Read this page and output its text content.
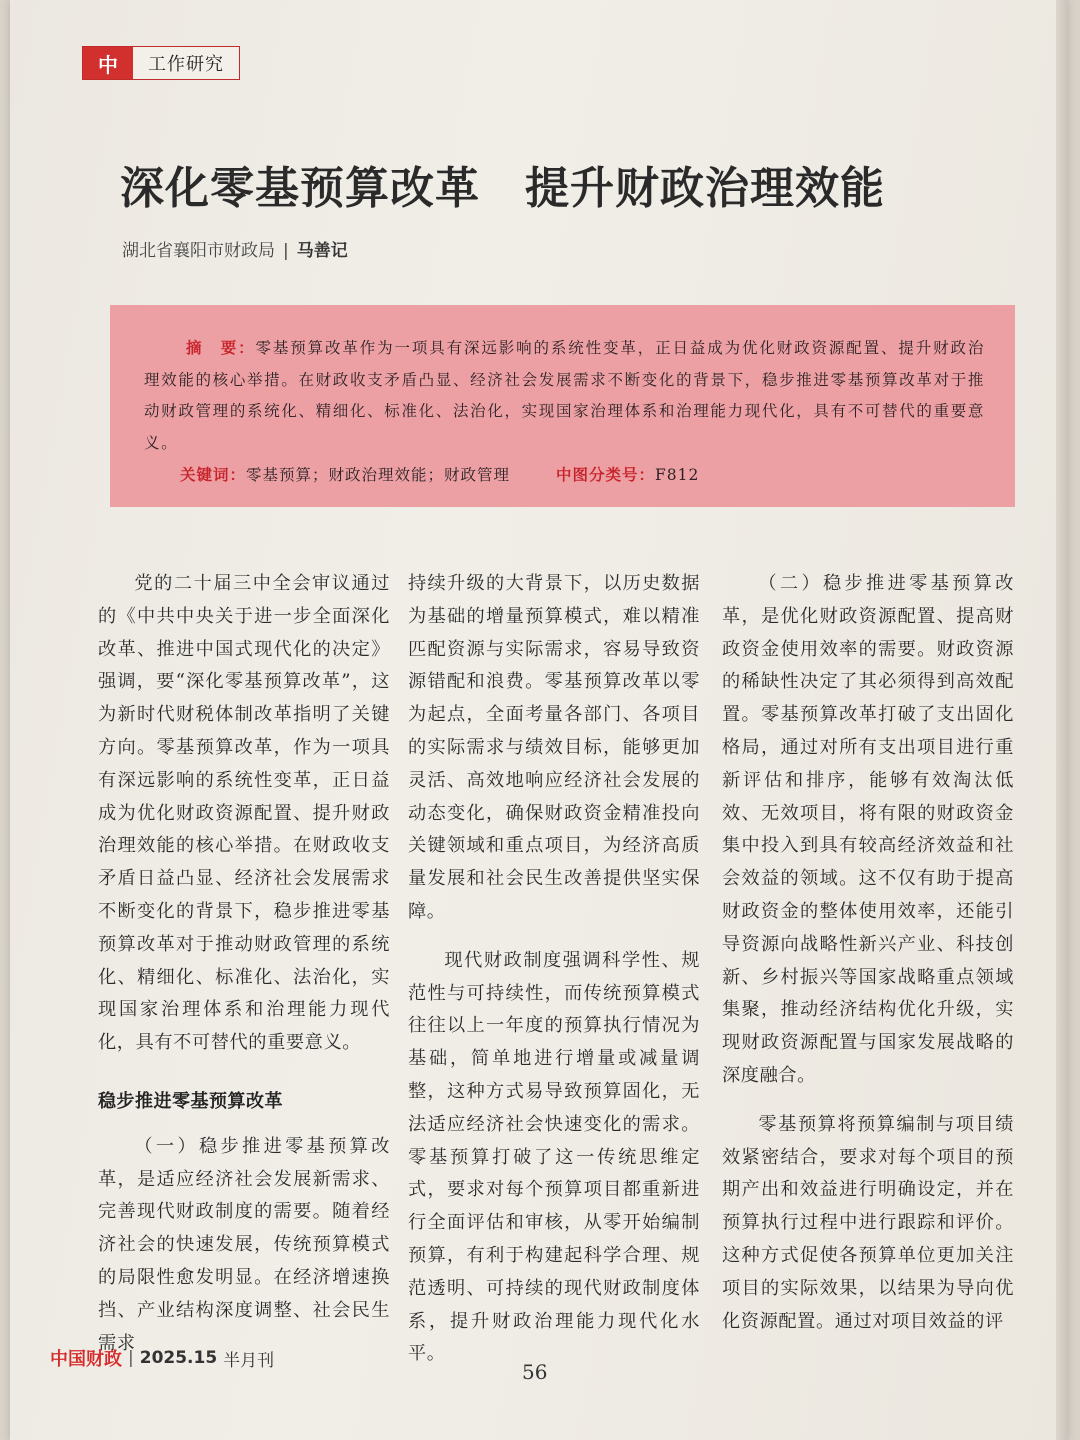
中	工作研究
深化零基预算改革　提升财政治理效能
湖北省襄阳市财政局 | 马善记
摘　要：零基预算改革作为一项具有深远影响的系统性变革，正日益成为优化财政资源配置、提升财政治理效能的核心举措。在财政收支矛盾凸显、经济社会发展需求不断变化的背景下，稳步推进零基预算改革对于推动财政管理的系统化、精细化、标准化、法治化，实现国家治理体系和治理能力现代化，具有不可替代的重要意义。
关键词：零基预算；财政治理效能；财政管理	中图分类号：F812

党的二十届三中全会审议通过的《中共中央关于进一步全面深化改革、推进中国式现代化的决定》强调，要“深化零基预算改革”，这为新时代财税体制改革指明了关键方向。零基预算改革，作为一项具有深远影响的系统性变革，正日益成为优化财政资源配置、提升财政治理效能的核心举措。在财政收支矛盾日益凸显、经济社会发展需求不断变化的背景下，稳步推进零基预算改革对于推动财政管理的系统化、精细化、标准化、法治化，实现国家治理体系和治理能力现代化，具有不可替代的重要意义。

稳步推进零基预算改革

（一）稳步推进零基预算改革，是适应经济社会发展新需求、完善现代财政制度的需要。随着经济社会的快速发展，传统预算模式的局限性愈发明显。在经济增速换挡、产业结构深度调整、社会民生需求

持续升级的大背景下，以历史数据为基础的增量预算模式，难以精准匹配资源与实际需求，容易导致资源错配和浪费。零基预算改革以零为起点，全面考量各部门、各项目的实际需求与绩效目标，能够更加灵活、高效地响应经济社会发展的动态变化，确保财政资金精准投向关键领域和重点项目，为经济高质量发展和社会民生改善提供坚实保障。

现代财政制度强调科学性、规范性与可持续性，而传统预算模式往往以上一年度的预算执行情况为基础，简单地进行增量或减量调整，这种方式易导致预算固化，无法适应经济社会快速变化的需求。零基预算打破了这一传统思维定式，要求对每个预算项目都重新进行全面评估和审核，从零开始编制预算，有利于构建起科学合理、规范透明、可持续的现代财政制度体系，提升财政治理能力现代化水平。

（二）稳步推进零基预算改革，是优化财政资源配置、提高财政资金使用效率的需要。财政资源的稀缺性决定了其必须得到高效配置。零基预算改革打破了支出固化格局，通过对所有支出项目进行重新评估和排序，能够有效淘汰低效、无效项目，将有限的财政资金集中投入到具有较高经济效益和社会效益的领域。这不仅有助于提高财政资金的整体使用效率，还能引导资源向战略性新兴产业、科技创新、乡村振兴等国家战略重点领域集聚，推动经济结构优化升级，实现财政资源配置与国家发展战略的深度融合。

零基预算将预算编制与项目绩效紧密结合，要求对每个项目的预期产出和效益进行明确设定，并在预算执行过程中进行跟踪和评价。这种方式促使各预算单位更加关注项目的实际效果，以结果为导向优化资源配置。通过对项目效益的评

中国财政 | 2025.15 半月刊	56
